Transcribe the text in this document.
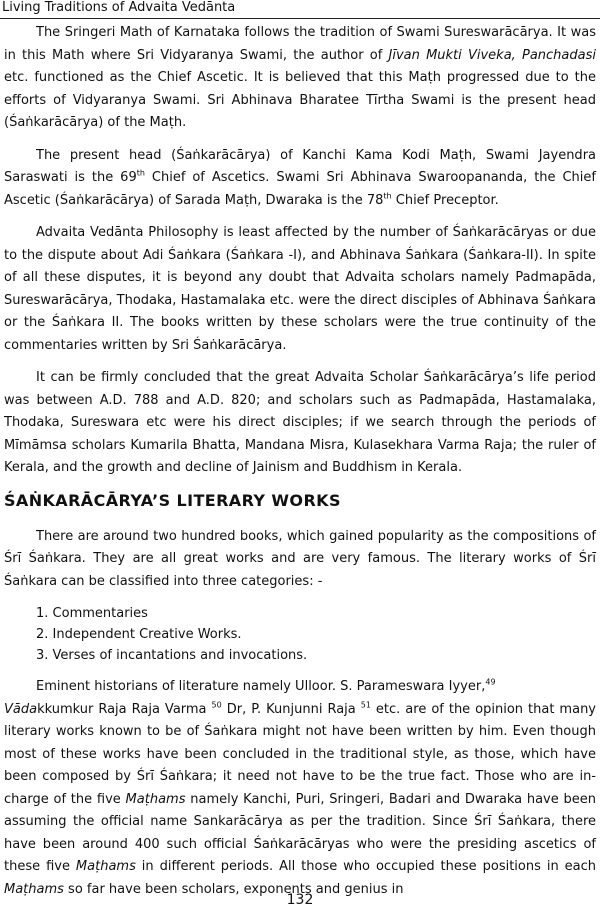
Living Traditions of Advaita Vedānta

The Sringeri Math of Karnataka follows the tradition of Swami Sureswarācārya. It was in this Math where Sri Vidyaranya Swami, the author of Jīvan Mukti Viveka, Panchadasi etc. functioned as the Chief Ascetic. It is believed that this Maṭh progressed due to the efforts of Vidyaranya Swami. Sri Abhinava Bharatee Tīrtha Swami is the present head (Śaṅkarācārya) of the Maṭh.

The present head (Śaṅkarācārya) of Kanchi Kama Kodi Maṭh, Swami Jayendra Saraswati is the 69th Chief of Ascetics. Swami Sri Abhinava Swaroopananda, the Chief Ascetic (Śaṅkarācārya) of Sarada Maṭh, Dwaraka is the 78th Chief Preceptor.

Advaita Vedānta Philosophy is least affected by the number of Śaṅkarācāryas or due to the dispute about Adi Śaṅkara (Śaṅkara -I), and Abhinava Śaṅkara (Śaṅkara-II). In spite of all these disputes, it is beyond any doubt that Advaita scholars namely Padmapāda, Sureswarācārya, Thodaka, Hastamalaka etc. were the direct disciples of Abhinava Śaṅkara or the Śaṅkara II. The books written by these scholars were the true continuity of the commentaries written by Sri Śaṅkarācārya.

It can be firmly concluded that the great Advaita Scholar Śaṅkarācārya’s life period was between A.D. 788 and A.D. 820; and scholars such as Padmapāda, Hastamalaka, Thodaka, Sureswara etc were his direct disciples; if we search through the periods of Mīmāmsa scholars Kumarila Bhatta, Mandana Misra, Kulasekhara Varma Raja; the ruler of Kerala, and the growth and decline of Jainism and Buddhism in Kerala.

ŚAṄKARĀCĀRYA’S LITERARY WORKS

There are around two hundred books, which gained popularity as the compositions of Śrī Śaṅkara. They are all great works and are very famous. The literary works of Śrī Śaṅkara can be classified into three categories: -

1. Commentaries
2. Independent Creative Works.
3. Verses of incantations and invocations.

Eminent historians of literature namely Ulloor. S. Parameswara Iyyer,$^{49}$
Vādakkumkur Raja Raja Varma $^{50}$ Dr, P. Kunjunni Raja $^{51}$ etc. are of the opinion that many literary works known to be of Śaṅkara might not have been written by him. Even though most of these works have been concluded in the traditional style, as those, which have been composed by Śrī Śaṅkara; it need not have to be the true fact. Those who are in-charge of the five Maṭhams namely Kanchi, Puri, Sringeri, Badari and Dwaraka have been assuming the official name Sankarācārya as per the tradition. Since Śrī Śaṅkara, there have been around 400 such official Śaṅkarācāryas who were the presiding ascetics of these five Maṭhams in different periods. All those who occupied these positions in each Maṭhams so far have been scholars, exponents and genius in

132
